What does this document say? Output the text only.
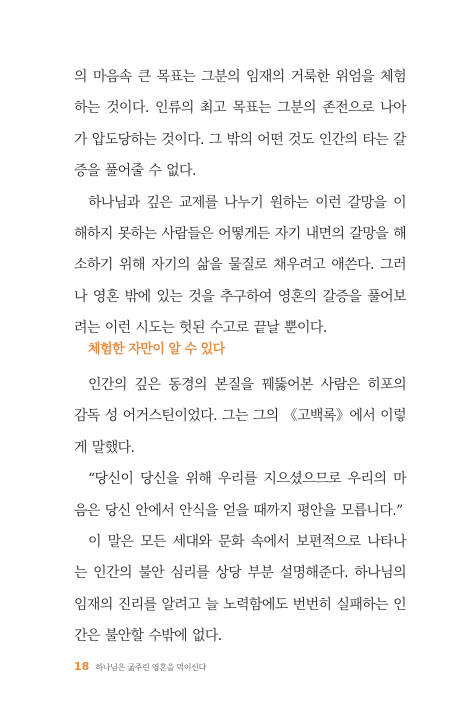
의 마음속 큰 목표는 그분의 임재의 거룩한 위엄을 체험하는 것이다. 인류의 최고 목표는 그분의 존전으로 나아가 압도당하는 것이다. 그 밖의 어떤 것도 인간의 타는 갈증을 풀어줄 수 없다.

하나님과 깊은 교제를 나누기 원하는 이런 갈망을 이해하지 못하는 사람들은 어떻게든 자기 내면의 갈망을 해소하기 위해 자기의 삶을 물질로 채우려고 애쓴다. 그러나 영혼 밖에 있는 것을 추구하여 영혼의 갈증을 풀어보려는 이런 시도는 헛된 수고로 끝날 뿐이다.

체험한 자만이 알 수 있다

인간의 깊은 동경의 본질을 꿰뚫어본 사람은 히포의 감독 성 어거스틴이었다. 그는 그의 《고백록》에서 이렇게 말했다.

“당신이 당신을 위해 우리를 지으셨으므로 우리의 마음은 당신 안에서 안식을 얻을 때까지 평안을 모릅니다.”

이 말은 모든 세대와 문화 속에서 보편적으로 나타나는 인간의 불안 심리를 상당 부분 설명해준다. 하나님의 임재의 진리를 알려고 늘 노력함에도 번번히 실패하는 인간은 불안할 수밖에 없다.

18 하나님은 굶주린 영혼을 먹이신다
